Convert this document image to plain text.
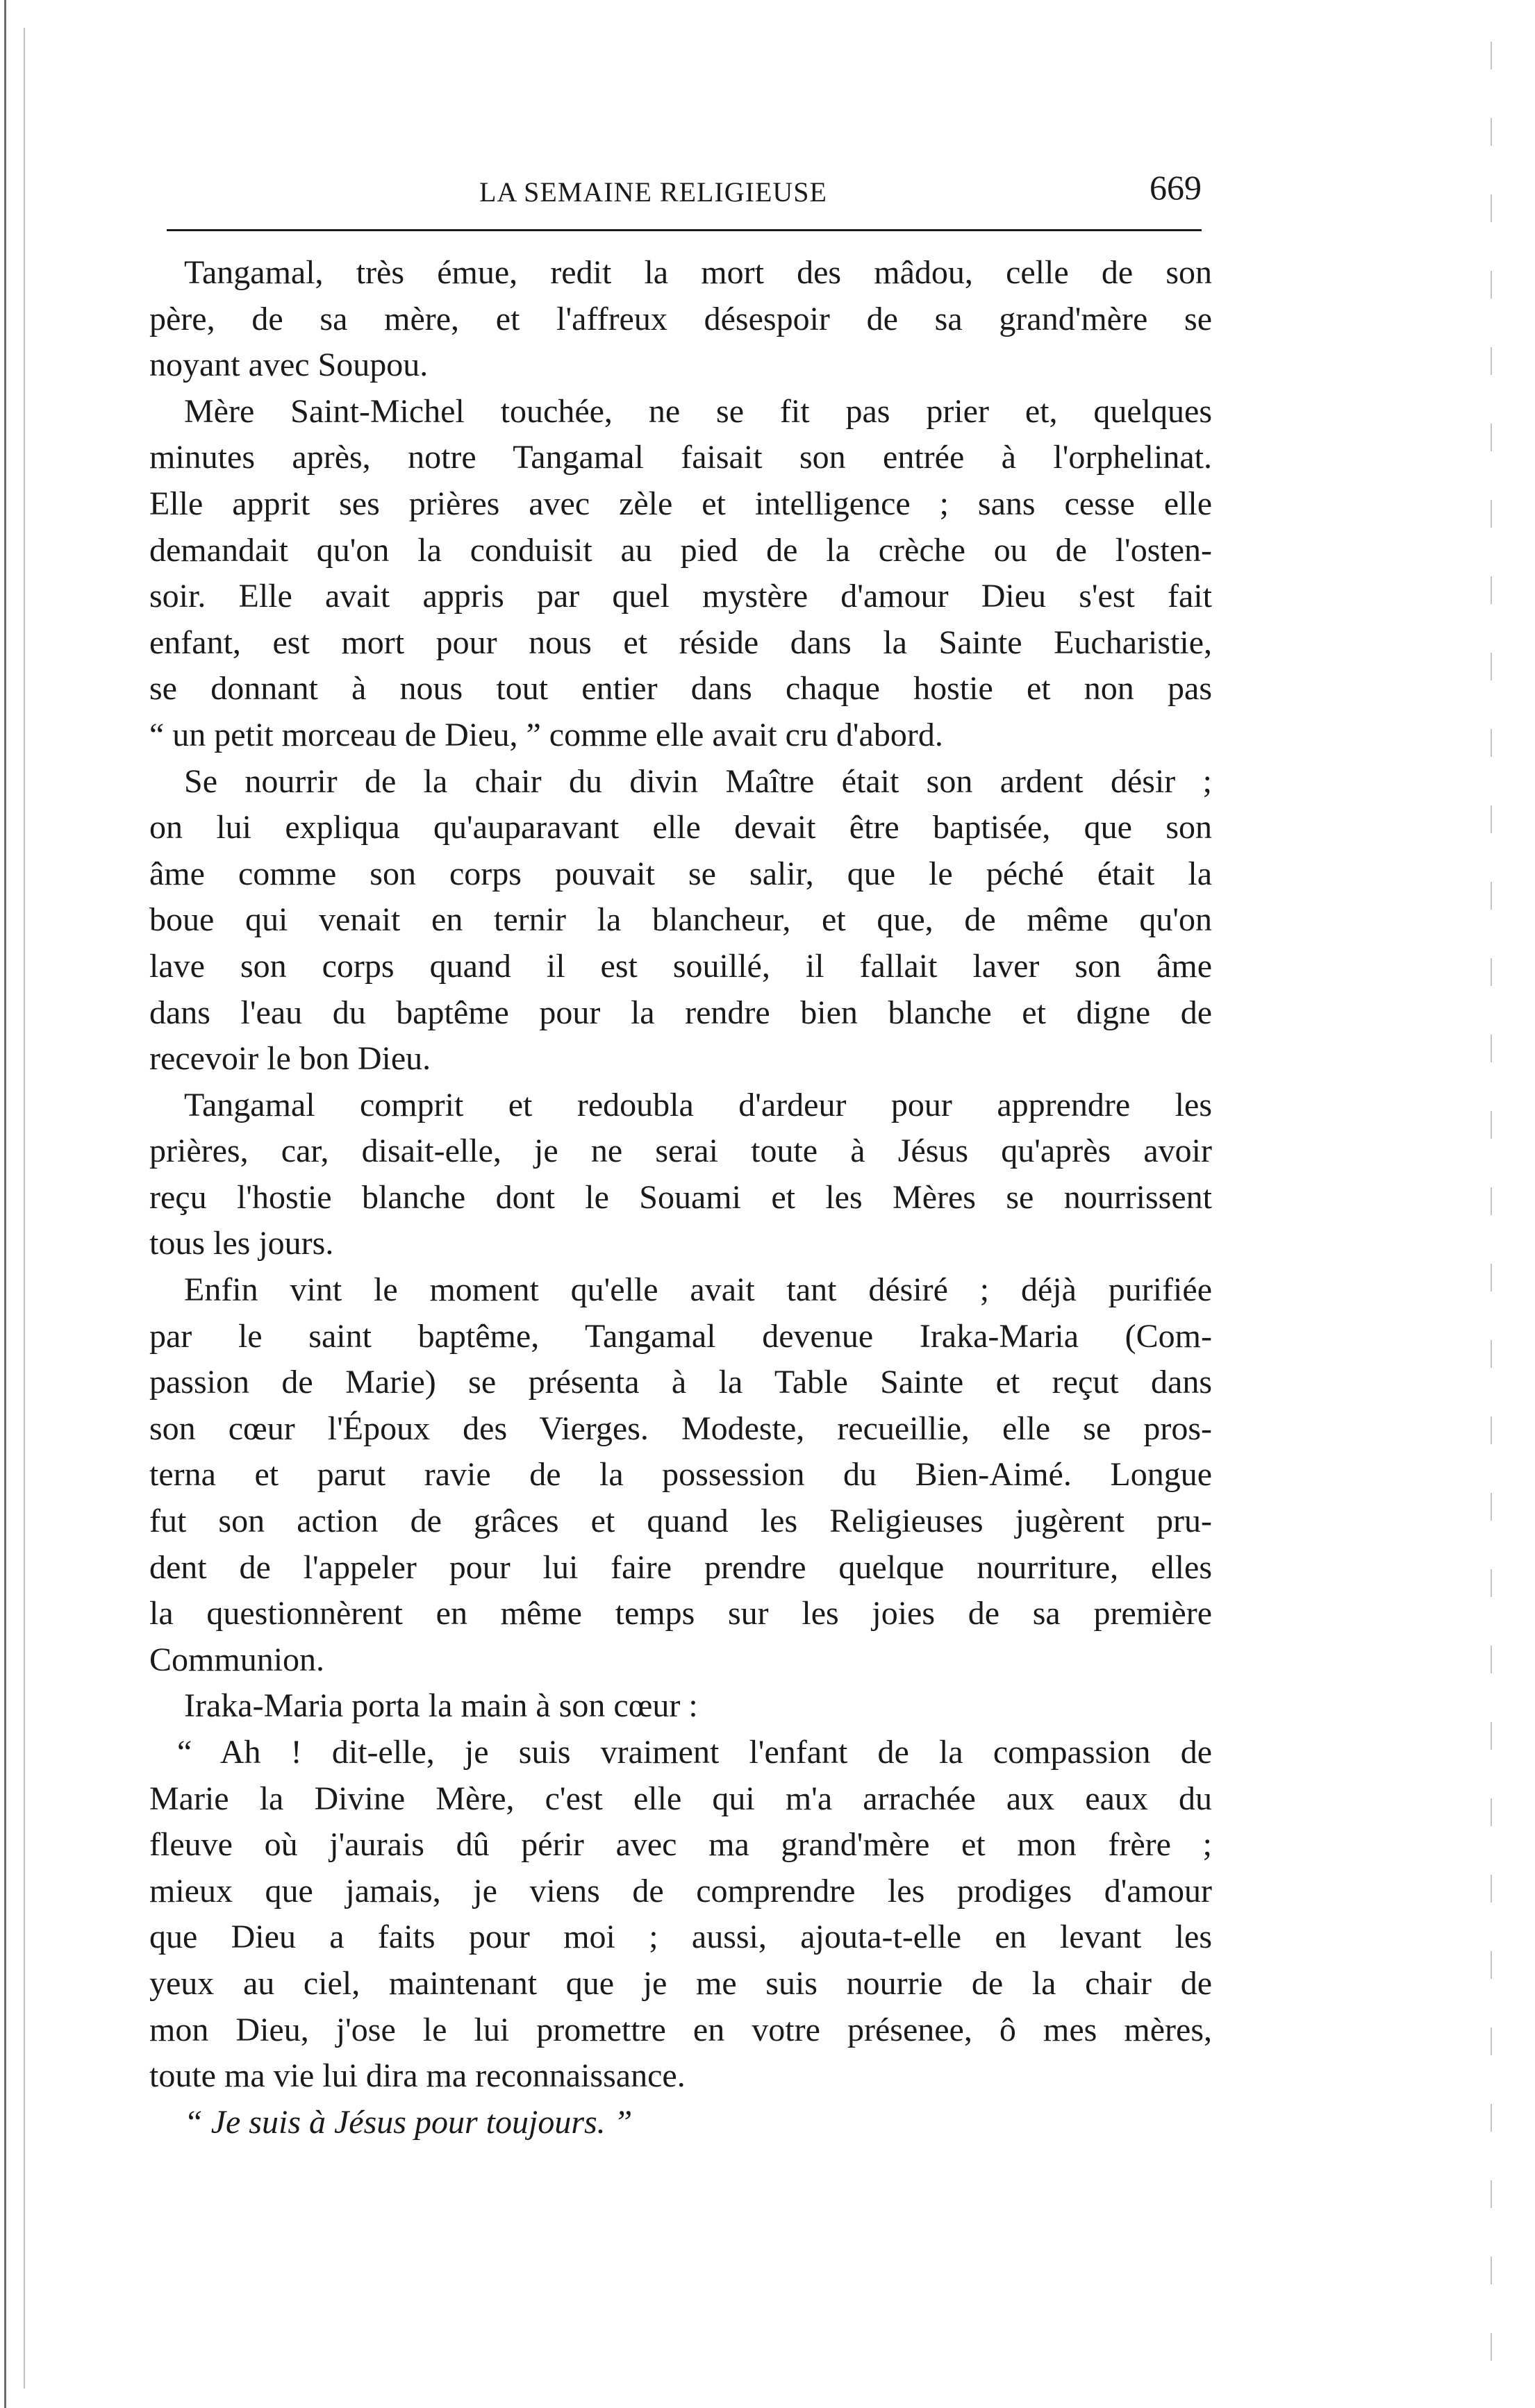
LA SEMAINE RELIGIEUSE	669
Tangamal, très émue, redit la mort des mâdou, celle de son
père, de sa mère, et l'affreux désespoir de sa grand'mère se
noyant avec Soupou.
Mère Saint-Michel touchée, ne se fit pas prier et, quelques
minutes après, notre Tangamal faisait son entrée à l'orphelinat.
Elle apprit ses prières avec zèle et intelligence ; sans cesse elle
demandait qu'on la conduisit au pied de la crèche ou de l'osten-
soir. Elle avait appris par quel mystère d'amour Dieu s'est fait
enfant, est mort pour nous et réside dans la Sainte Eucharistie,
se donnant à nous tout entier dans chaque hostie et non pas
“ un petit morceau de Dieu, ” comme elle avait cru d'abord.
Se nourrir de la chair du divin Maître était son ardent désir ;
on lui expliqua qu'auparavant elle devait être baptisée, que son
âme comme son corps pouvait se salir, que le péché était la
boue qui venait en ternir la blancheur, et que, de même qu'on
lave son corps quand il est souillé, il fallait laver son âme
dans l'eau du baptême pour la rendre bien blanche et digne de
recevoir le bon Dieu.
Tangamal comprit et redoubla d'ardeur pour apprendre les
prières, car, disait-elle, je ne serai toute à Jésus qu'après avoir
reçu l'hostie blanche dont le Souami et les Mères se nourrissent
tous les jours.
Enfin vint le moment qu'elle avait tant désiré ; déjà purifiée
par le saint baptême, Tangamal devenue Iraka-Maria (Com-
passion de Marie) se présenta à la Table Sainte et reçut dans
son cœur l'Époux des Vierges. Modeste, recueillie, elle se pros-
terna et parut ravie de la possession du Bien-Aimé. Longue
fut son action de grâces et quand les Religieuses jugèrent pru-
dent de l'appeler pour lui faire prendre quelque nourriture, elles
la questionnèrent en même temps sur les joies de sa première
Communion.
Iraka-Maria porta la main à son cœur :
“ Ah ! dit-elle, je suis vraiment l'enfant de la compassion de
Marie la Divine Mère, c'est elle qui m'a arrachée aux eaux du
fleuve où j'aurais dû périr avec ma grand'mère et mon frère ;
mieux que jamais, je viens de comprendre les prodiges d'amour
que Dieu a faits pour moi ; aussi, ajouta-t-elle en levant les
yeux au ciel, maintenant que je me suis nourrie de la chair de
mon Dieu, j'ose le lui promettre en votre présenee, ô mes mères,
toute ma vie lui dira ma reconnaissance.
“ Je suis à Jésus pour toujours. ”
